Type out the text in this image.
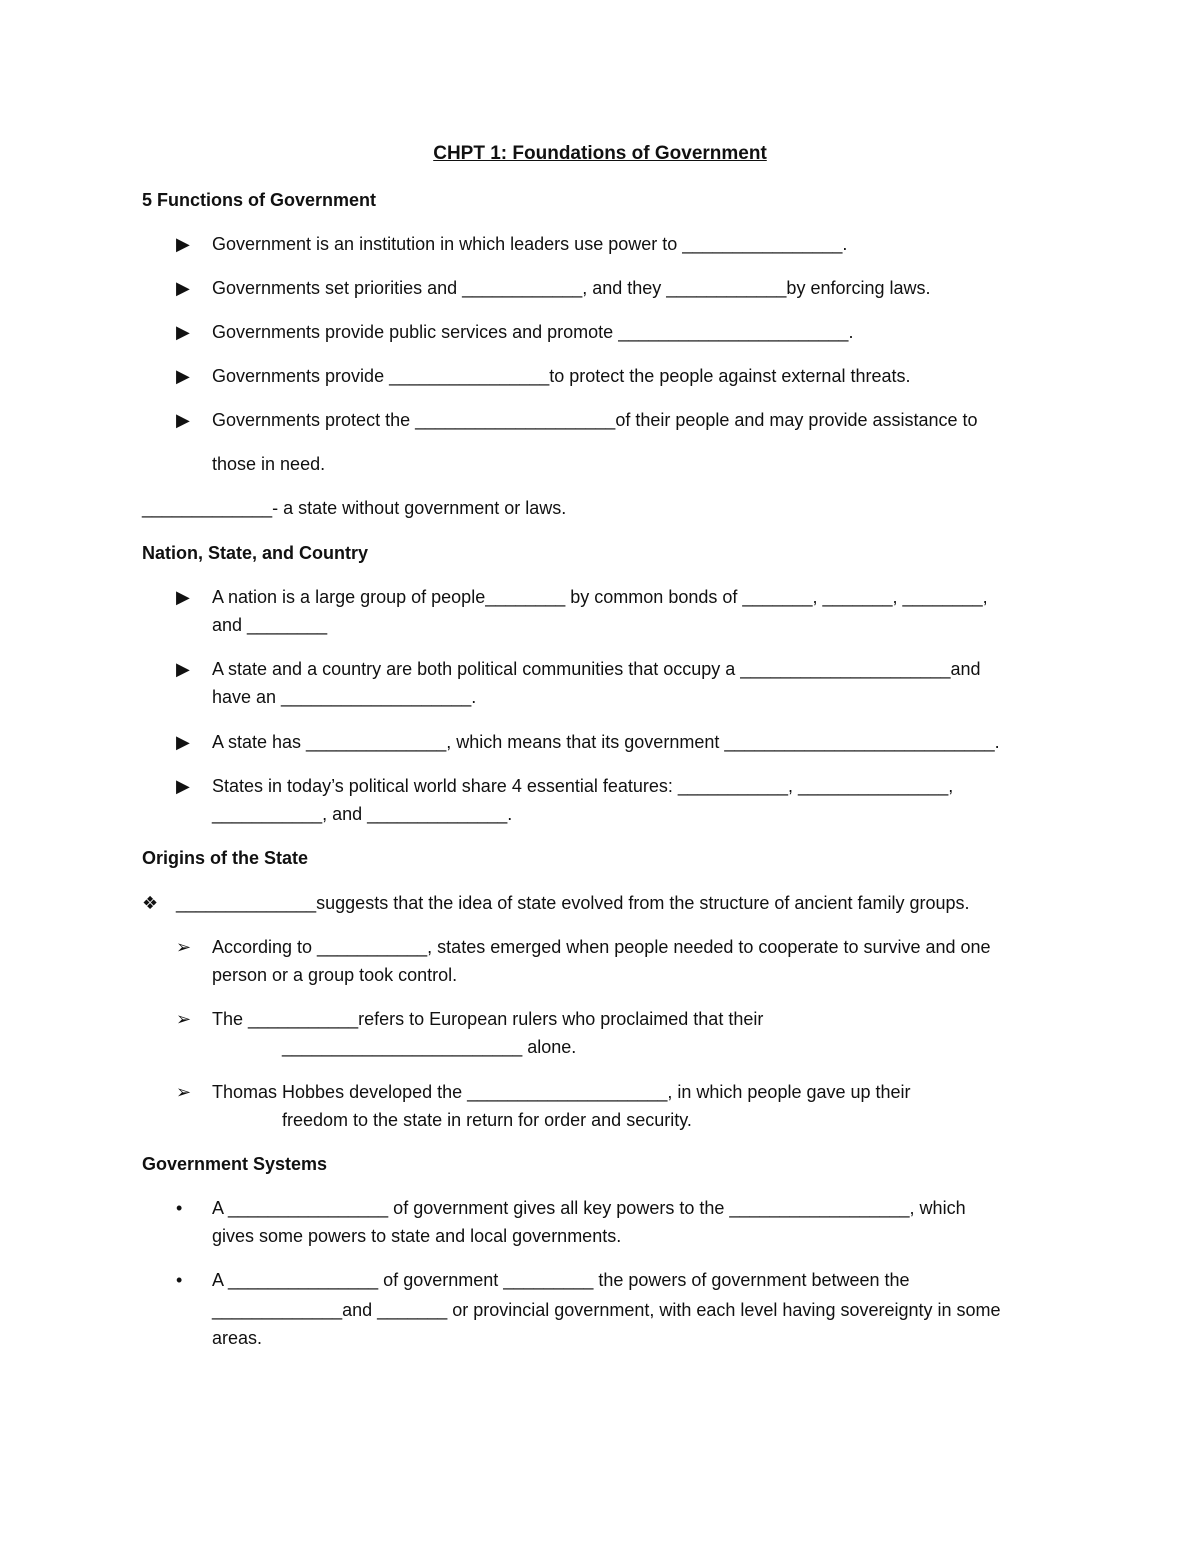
CHPT 1: Foundations of Government
5 Functions of Government
▶	Government is an institution in which leaders use power to ________________.
▶	Governments set priorities and ____________, and they ____________by enforcing laws.
▶	Governments provide public services and promote _______________________.
▶	Governments provide ________________to protect the people against external threats.
▶	Governments protect the ____________________of their people and may provide assistance to
those in need.
_____________- a state without government or laws.
Nation, State, and Country
▶	A nation is a large group of people________ by common bonds of _______, _______, ________,
and ________
▶	A state and a country are both political communities that occupy a _____________________and
have an ___________________.
▶	A state has ______________, which means that its government ___________________________.
▶	States in today’s political world share 4 essential features: ___________, _______________,
___________, and ______________.
Origins of the State
❖ ______________suggests that the idea of state evolved from the structure of ancient family groups.
➢	According to ___________, states emerged when people needed to cooperate to survive and one
person or a group took control.
➢	The ___________refers to European rulers who proclaimed that their
________________________ alone.
➢	Thomas Hobbes developed the ____________________, in which people gave up their
freedom to the state in return for order and security.
Government Systems
•	A ________________ of government gives all key powers to the __________________, which
gives some powers to state and local governments.
•	A _______________ of government _________ the powers of government between the
_____________and _______ or provincial government, with each level having sovereignty in some
areas.
